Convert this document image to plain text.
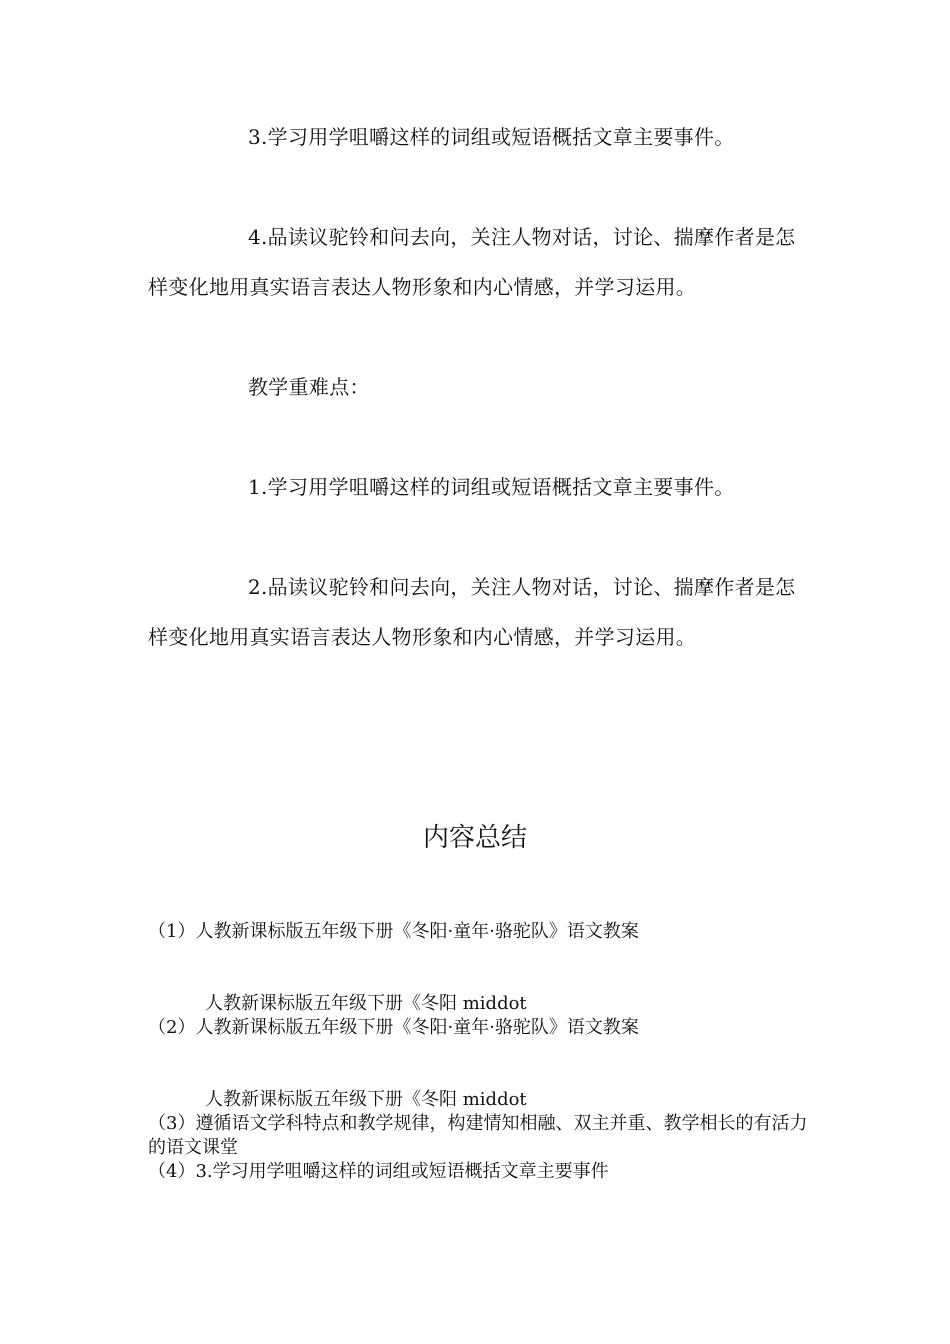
3.学习用学咀嚼这样的词组或短语概括文章主要事件。

4.品读议驼铃和问去向，关注人物对话，讨论、揣摩作者是怎样变化地用真实语言表达人物形象和内心情感，并学习运用。

教学重难点：

1.学习用学咀嚼这样的词组或短语概括文章主要事件。

2.品读议驼铃和问去向，关注人物对话，讨论、揣摩作者是怎样变化地用真实语言表达人物形象和内心情感，并学习运用。

内容总结
（1）人教新课标版五年级下册《冬阳·童年·骆驼队》语文教案
人教新课标版五年级下册《冬阳 middot
（2）人教新课标版五年级下册《冬阳·童年·骆驼队》语文教案
人教新课标版五年级下册《冬阳 middot
（3）遵循语文学科特点和教学规律，构建情知相融、双主并重、教学相长的有活力的语文课堂
（4）3.学习用学咀嚼这样的词组或短语概括文章主要事件
